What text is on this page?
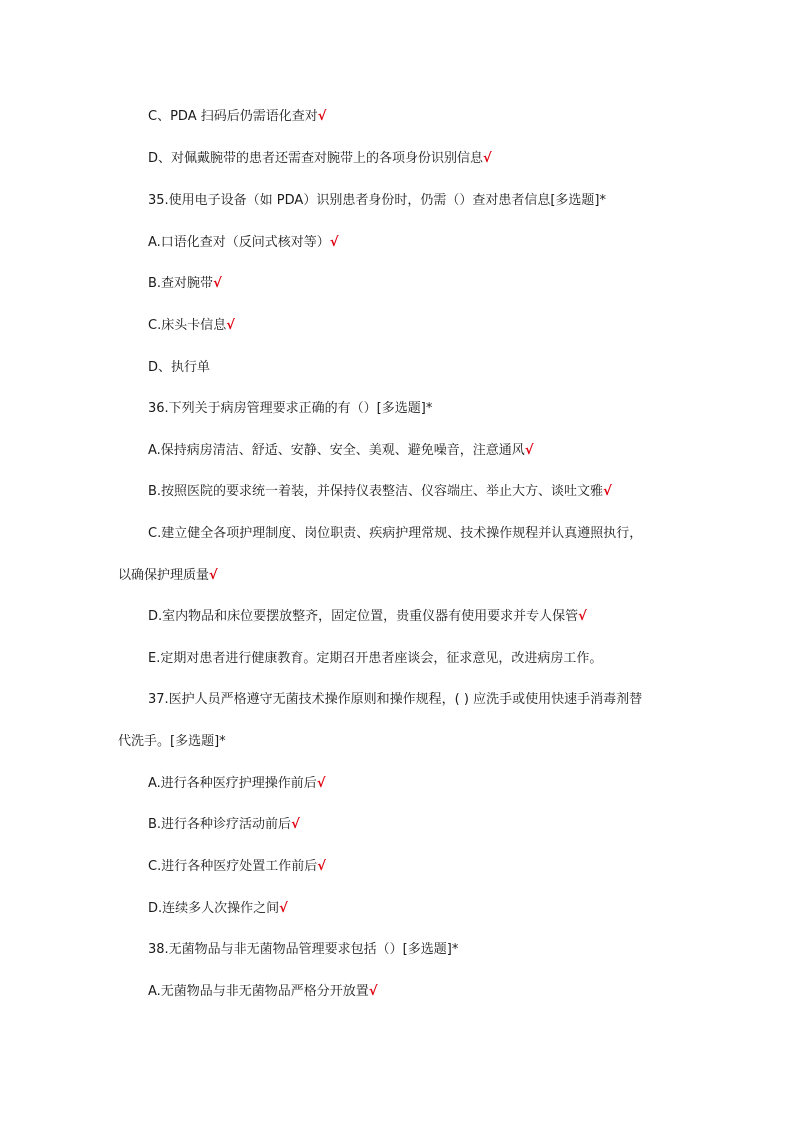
C、PDA 扫码后仍需语化查对√
D、对佩戴腕带的患者还需查对腕带上的各项身份识别信息√
35.使用电子设备（如 PDA）识别患者身份时，仍需（）查对患者信息[多选题]*
A.口语化查对（反问式核对等）√
B.查对腕带√
C.床头卡信息√
D、执行单
36.下列关于病房管理要求正确的有（）[多选题]*
A.保持病房清洁、舒适、安静、安全、美观、避免噪音，注意通风√
B.按照医院的要求统一着装，并保持仪表整洁、仪容端庄、举止大方、谈吐文雅√
C.建立健全各项护理制度、岗位职责、疾病护理常规、技术操作规程并认真遵照执行，
以确保护理质量√
D.室内物品和床位要摆放整齐，固定位置，贵重仪器有使用要求并专人保管√
E.定期对患者进行健康教育。定期召开患者座谈会，征求意见，改进病房工作。
37.医护人员严格遵守无菌技术操作原则和操作规程，( ) 应洗手或使用快速手消毒剂替
代洗手。[多选题]*
A.进行各种医疗护理操作前后√
B.进行各种诊疗活动前后√
C.进行各种医疗处置工作前后√
D.连续多人次操作之间√
38.无菌物品与非无菌物品管理要求包括（）[多选题]*
A.无菌物品与非无菌物品严格分开放置√
